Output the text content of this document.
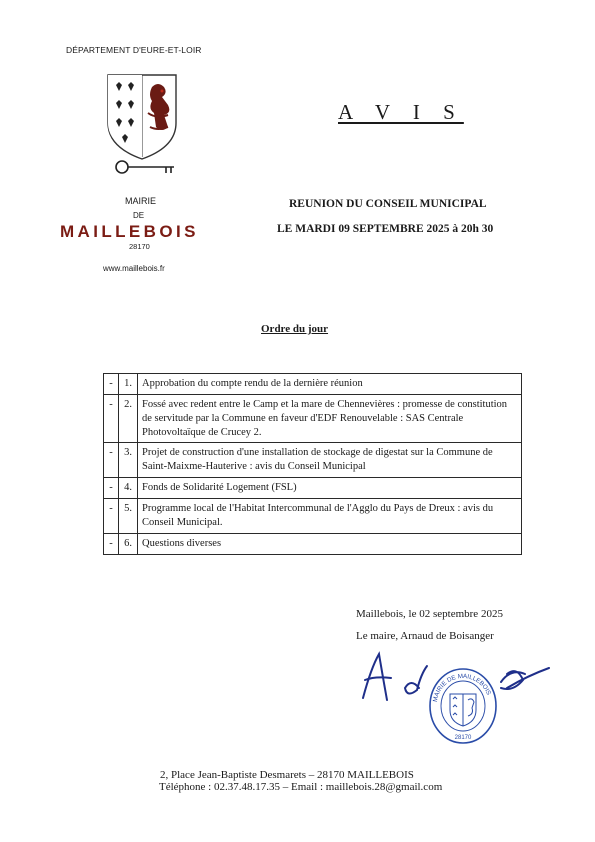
DÉPARTEMENT D'EURE-ET-LOIR
MAIRIE
DE
MAILLEBOIS
28170
www.maillebois.fr
A V I S
REUNION DU CONSEIL MUNICIPAL
LE MARDI 09 SEPTEMBRE 2025 à 20h 30
Ordre du jour
-	1.	Approbation du compte rendu de la dernière réunion
-	2.	Fossé avec redent entre le Camp et la mare de Chennevières : promesse de constitution de servitude par la Commune en faveur d'EDF Renouvelable : SAS Centrale Photovoltaïque de Crucey 2.
-	3.	Projet de construction d'une installation de stockage de digestat sur la Commune de Saint-Maixme-Hauterive : avis du Conseil Municipal
-	4.	Fonds de Solidarité Logement (FSL)
-	5.	Programme local de l'Habitat Intercommunal de l'Agglo du Pays de Dreux : avis du Conseil Municipal.
-	6.	Questions diverses
Maillebois, le 02 septembre 2025
Le maire, Arnaud de Boisanger
MAIRIE DE MAILLEBOIS
28170
2, Place Jean-Baptiste Desmarets – 28170 MAILLEBOIS
Téléphone : 02.37.48.17.35 – Email : maillebois.28@gmail.com
